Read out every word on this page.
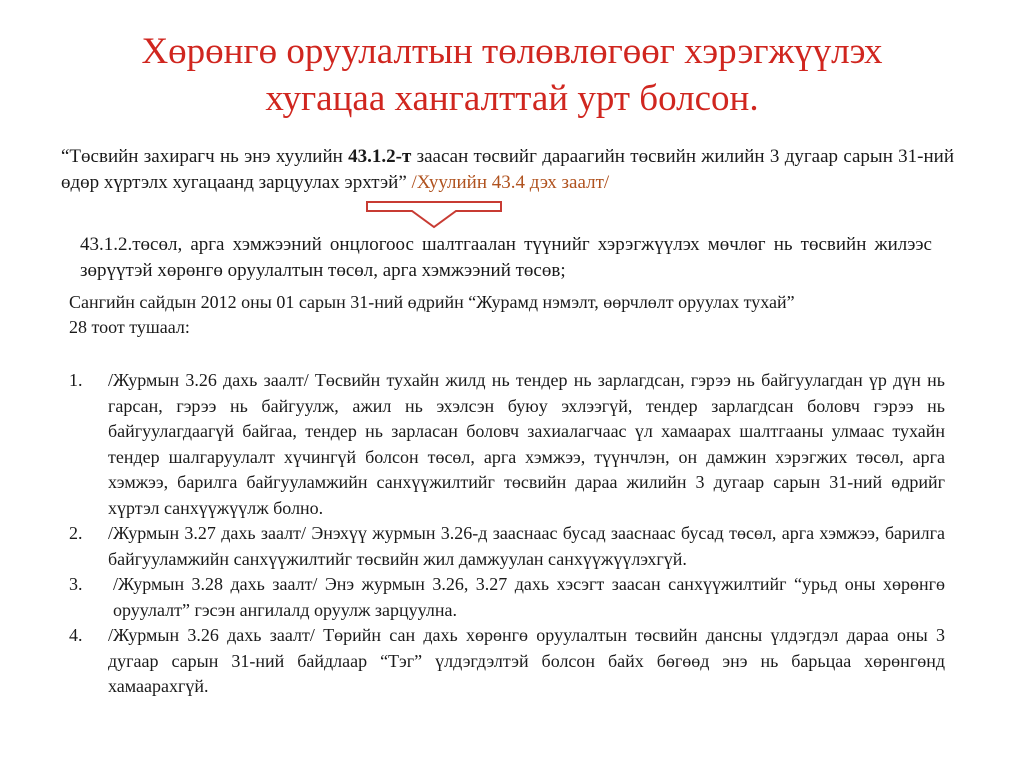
Хөрөнгө оруулалтын төлөвлөгөөг хэрэгжүүлэх
хугацаа хангалттай урт болсон.
“Төсвийн захирагч нь энэ хуулийн 43.1.2-т заасан төсвийг дараагийн төсвийн жилийн 3 дугаар сарын 31-ний өдөр хүртэлх хугацаанд зарцуулах эрхтэй” /Хуулийн 43.4 дэх заалт/
43.1.2.төсөл, арга хэмжээний онцлогоос шалтгаалан түүнийг хэрэгжүүлэх мөчлөг нь төсвийн жилээс зөрүүтэй хөрөнгө оруулалтын төсөл, арга хэмжээний төсөв;
Сангийн сайдын 2012 оны 01 сарын 31-ний өдрийн “Журамд нэмэлт, өөрчлөлт оруулах тухай”
28 тоот тушаал:
1. /Журмын 3.26 дахь заалт/ Төсвийн тухайн жилд нь тендер нь зарлагдсан, гэрээ нь байгуулагдан үр дүн нь гарсан, гэрээ нь байгуулж, ажил нь эхэлсэн буюу эхлээгүй, тендер зарлагдсан боловч гэрээ нь байгуулагдаагүй байгаа, тендер нь зарласан боловч захиалагчаас үл хамаарах шалтгааны улмаас тухайн тендер шалгаруулалт хүчингүй болсон төсөл, арга хэмжээ, түүнчлэн, он дамжин хэрэгжих төсөл, арга хэмжээ, барилга байгууламжийн санхүүжилтийг төсвийн дараа жилийн 3 дугаар сарын 31-ний өдрийг хүртэл санхүүжүүлж болно.
2. /Журмын 3.27 дахь заалт/ Энэхүү журмын 3.26-д зааснаас бусад зааснаас бусад төсөл, арга хэмжээ, барилга байгууламжийн санхүүжилтийг төсвийн жил дамжуулан санхүүжүүлэхгүй.
3. /Журмын 3.28 дахь заалт/ Энэ журмын 3.26, 3.27 дахь хэсэгт заасан санхүүжилтийг “урьд оны хөрөнгө оруулалт” гэсэн ангилалд оруулж зарцуулна.
4. /Журмын 3.26 дахь заалт/ Төрийн сан дахь хөрөнгө оруулалтын төсвийн дансны үлдэгдэл дараа оны 3 дугаар сарын 31-ний байдлаар “Тэг” үлдэгдэлтэй болсон байх бөгөөд энэ нь барьцаа хөрөнгөнд хамаарахгүй.
